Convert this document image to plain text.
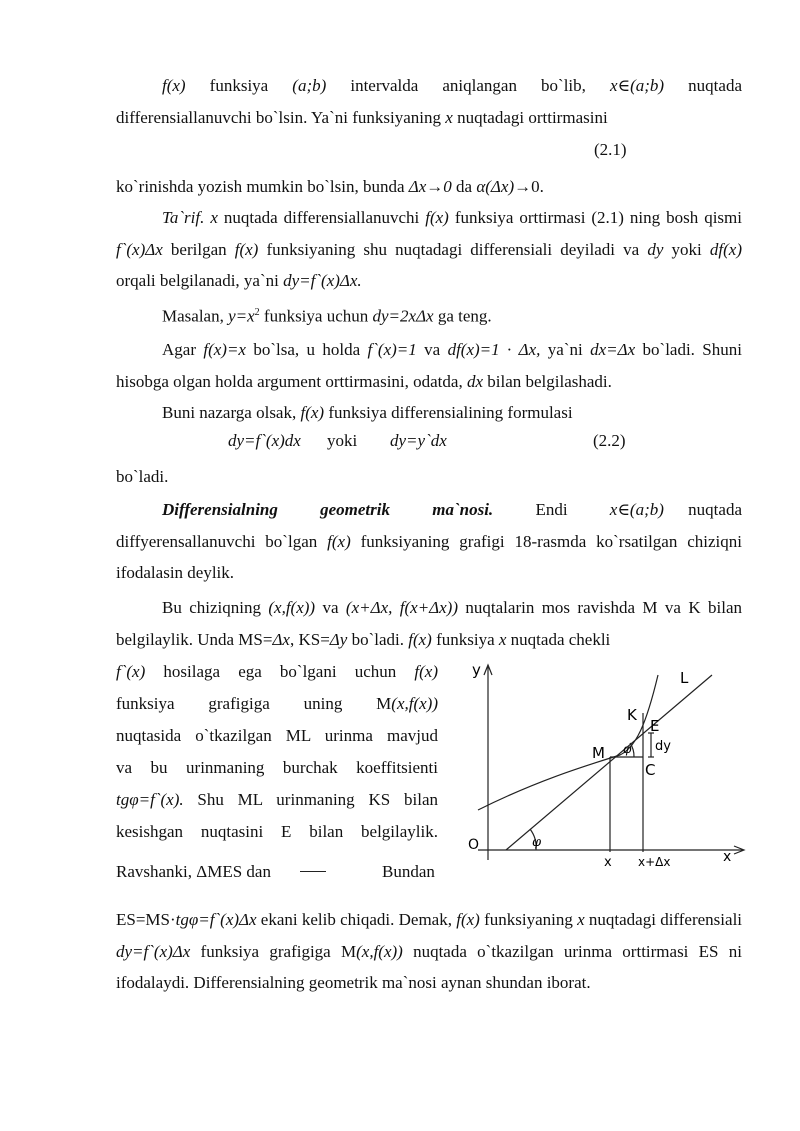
f(x) funksiya (a;b) intervalda aniqlangan bo`lib, x∈(a;b) nuqtada differensiallanuvchi bo`lsin. Ya`ni funksiyaning x nuqtadagi orttirmasini

(2.1)

ko`rinishda yozish mumkin bo`lsin, bunda Δx→0 da α(Δx)→0.

Ta`rif. x nuqtada differensiallanuvchi f(x) funksiya orttirmasi (2.1) ning bosh qismi f`(x)Δx berilgan f(x) funksiyaning shu nuqtadagi differensiali deyiladi va dy yoki df(x) orqali belgilanadi, ya`ni dy=f`(x)Δx.

Masalan, $y=x^2$ funksiya uchun dy=2xΔx ga teng.

Agar f(x)=x bo`lsa, u holda f`(x)=1 va df(x)=1 · Δx, ya`ni dx=Δx bo`ladi. Shuni hisobga olgan holda argument orttirmasini, odatda, dx bilan belgilashadi.

Buni nazarga olsak, f(x) funksiya differensialining formulasi

dy=f`(x)dx yoki dy=y`dx	(2.2)

bo`ladi.

Differensialning geometrik ma`nosi. Endi x∈(a;b) nuqtada diffyerensallanuvchi bo`lgan f(x) funksiyaning grafigi 18-rasmda ko`rsatilgan chiziqni ifodalasin deylik.

Bu chiziqning (x,f(x)) va (x+Δx, f(x+Δx)) nuqtalarin mos ravishda M va K bilan belgilaylik. Unda MS=Δx, KS=Δy bo`ladi. f(x) funksiya x nuqtada chekli

f`(x) hosilaga ega bo`lgani uchun f(x)

funksiya grafigiga uning M(x,f(x))

nuqtasida o`tkazilgan ML urinma mavjud

va bu urinmaning burchak koeffitsienti

tgφ=f`(x). Shu ML urinmaning KS bilan

kesishgan nuqtasini E bilan belgilaylik.

Ravshanki, ΔMES dan	Bundan
y
x
O
L
K
E
M
C
φ
φ dy
x x+Δx

ES=MS·tgφ=f`(x)Δx ekani kelib chiqadi. Demak, f(x) funksiyaning x nuqtadagi differensiali dy=f`(x)Δx funksiya grafigiga M(x,f(x)) nuqtada o`tkazilgan urinma orttirmasi ES ni ifodalaydi. Differensialning geometrik ma`nosi aynan shundan iborat.
